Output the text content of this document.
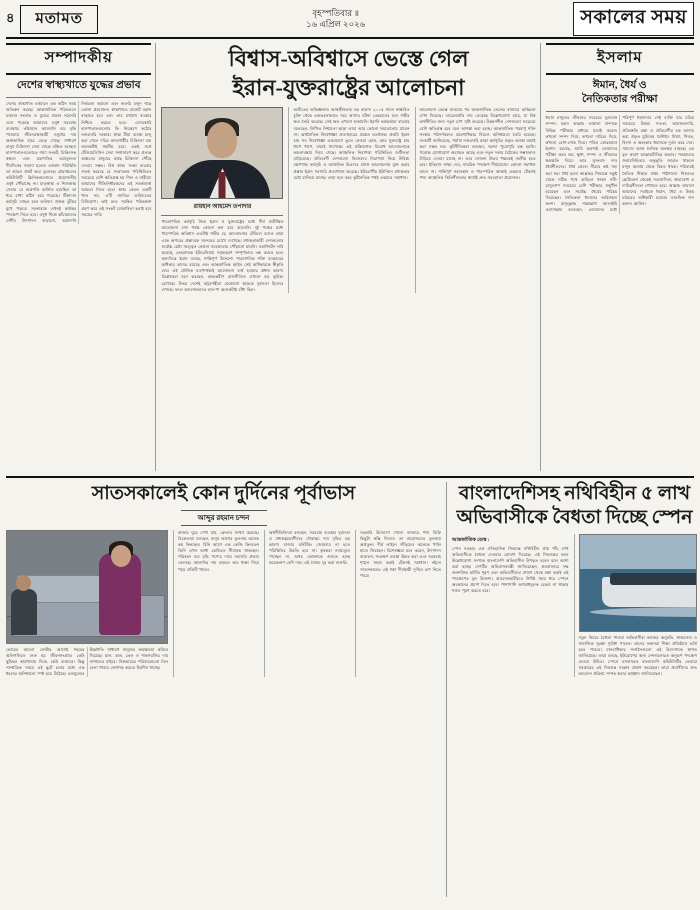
৪	মতামত	বৃহস্পতিবার ॥
১৬ এপ্রিল ২০২৬	সকালের সময়
সম্পাদকীয়
দেশের স্বাস্থ্যখাতে যুদ্ধের প্রভাব
দেশের স্বাস্থ্যখাত বর্তমানে এক কঠিন সময় অতিক্রম করছে। আন্তর্জাতিক পরিমণ্ডলে চলমান সংঘাত ও যুদ্ধের প্রভাব সরাসরি এসে পড়েছে আমাদের ওষুধ সরবরাহ ব্যবস্থায়। কাঁচামাল আমদানি ব্যয় বৃদ্ধি পাওয়ায় জীবনরক্ষাকারী ওষুধের দাম অস্বাভাবিক হারে বেড়ে গেছে। সাধারণ মানুষ চিকিৎসা সেবা থেকে বঞ্চিত হচ্ছেন। হাসপাতালগুলোতে শয্যা সংকট, চিকিৎসক স্বল্পতা এবং যন্ত্রপাতির অপ্রতুলতা দীর্ঘদিনের সমস্যা হলেও বর্তমান পরিস্থিতি তা আরও প্রকট করে তুলেছে। গ্রামাঞ্চলের কমিউনিটি ক্লিনিকগুলোতে প্রয়োজনীয় ওষুধ পৌঁছাচ্ছে না। মাতৃস্বাস্থ্য ও শিশুস্বাস্থ্য সেবায় যে অগ্রগতি অর্জিত হয়েছিল তা ধরে রাখা কঠিন হয়ে পড়েছে। টিকাদান কর্মসূচি ব্যাহত হলে ভবিষ্যৎ প্রজন্ম ঝুঁকির মুখে পড়বে। সরকারকে এখনই কার্যকর পদক্ষেপ নিতে হবে। ওষুধ শিল্পে কাঁচামালের দেশীয় উৎপাদন বাড়ানো, আমদানি নির্ভরতা কমানো এবং জরুরি মজুদ গড়ে তোলা প্রয়োজন। স্বাস্থ্যখাতে বাজেট বরাদ্দ বাড়াতে হবে এবং তার যথাযথ ব্যবহার নিশ্চিত করতে হবে। বেসরকারি হাসপাতালগুলোর ফি নিয়ন্ত্রণে কঠোর নজরদারি দরকার। স্বাস্থ্য বীমা ব্যবস্থা চালু করা গেলে দরিদ্র জনগোষ্ঠীর চিকিৎসা ব্যয় অনেকটাই সহনীয় হবে। একই সঙ্গে টেলিমেডিসিন সেবা সম্প্রসারণ করে প্রত্যন্ত অঞ্চলের মানুষের কাছে চিকিৎসা পৌঁছে দেওয়া সম্ভব। বিশ্ব স্বাস্থ্য সংস্থা বারবার সতর্ক করেছে যে সংঘাতময় পরিস্থিতিতে সবচেয়ে বেশি ক্ষতিগ্রস্ত হয় শিশু ও নারীরা। আমাদের নীতিনির্ধারকদের এই সতর্কবার্তা আমলে নিতে হবে। স্বাস্থ্য কেবল একটি খাত নয়, এটি জাতির ভবিষ্যতের বিনিয়োগ। তাই দ্রুত সমন্বিত পরিকল্পনা গ্রহণ করে এই সংকট মোকাবিলা করাই হবে সময়ের দাবি।
বিশ্বাস-অবিশ্বাসে ভেস্তে গেল
ইরান-যুক্তরাষ্ট্রের আলোচনা
রায়হান আহমেদ তপাদার
পারমাণবিক কর্মসূচি নিয়ে ইরান ও যুক্তরাষ্ট্রের মধ্যে দীর্ঘ প্রতীক্ষিত আলোচনা শেষ পর্যন্ত কোনো ফল বয়ে আনেনি। দুই পক্ষের মধ্যে পারস্পরিক অবিশ্বাস এতটাই গভীর যে, আলোচনার টেবিলে বসেও তারা একে অপরের প্রস্তাবকে সন্দেহের চোখে দেখেছে। মধ্যস্থতাকারী দেশগুলোর সর্বোচ্চ চেষ্টা সত্ত্বেও কোনো সমঝোতায় পৌঁছানো যায়নি। ওয়াশিংটন দাবি করেছে, তেহরানকে ইউরেনিয়াম সমৃদ্ধকরণ সম্পূর্ণভাবে বন্ধ করতে হবে। অন্যদিকে ইরান বলছে, শান্তিপূর্ণ উদ্দেশ্যে পারমাণবিক শক্তি ব্যবহারের অধিকার তাদের রয়েছে এবং আন্তর্জাতিক আইন সেই অধিকারকে স্বীকৃতি দেয়। এই মৌলিক মতপার্থক্যই আলোচনা ব্যর্থ হওয়ার প্রধান কারণ। বিশ্লেষকরা মনে করছেন, অভ্যন্তরীণ রাজনীতিও এখানে বড় ভূমিকা রেখেছে। উভয় দেশেই কট্টরপন্থীরা যেকোনো ছাড়কে দুর্বলতা হিসেবে দেখছে। ফলে আলোচকদের হাত-পা অনেকটাই বাঁধা ছিল।
অতীতের অভিজ্ঞতাও আস্থাহীনতার বড় কারণ। ২০১৫ সালে স্বাক্ষরিত চুক্তি থেকে একতরফাভাবে সরে আসার ঘটনা তেহরানের মনে গভীর ক্ষত তৈরি করেছে। সেই ক্ষত এখনো শুকায়নি। ইরানি কর্মকর্তারা বারবার বলেছেন, লিখিত নিশ্চয়তা ছাড়া তারা আর কোনো সমঝোতায় যাবেন না। অর্থনৈতিক নিষেধাজ্ঞা প্রত্যাহারের প্রশ্নেও মতানৈক্য প্রকট। ইরান চায় সব নিষেধাজ্ঞা একযোগে তুলে নেওয়া হোক, আর যুক্তরাষ্ট্র চায় ধাপে ধাপে, যাচাই সাপেক্ষে। এই প্রক্রিয়াগত বিরোধ আলোচনাকে অচলাবস্থায় নিয়ে গেছে। আঞ্চলিক নিরাপত্তা পরিস্থিতিও জটিলতা বাড়িয়েছে। প্রতিবেশী দেশগুলো নিজেদের নিরাপত্তা নিয়ে উদ্বিগ্ন। ক্ষেপণাস্ত্র কর্মসূচি ও আঞ্চলিক মিত্রদের প্রসঙ্গ আলোচনায় যুক্ত করার প্রস্তাব ইরান সরাসরি প্রত্যাখ্যান করেছে। ইউরোপীয় ইউনিয়ন মধ্যস্থতার চেষ্টা চালিয়ে যাচ্ছে। তারা মনে করে কূটনৈতিক পথই একমাত্র সমাধান।
আলোচনা ভেস্তে যাওয়ার পর আন্তর্জাতিক তেলের বাজারে অস্থিরতা দেখা দিয়েছে। ব্যারেলপ্রতি দাম বেড়েছে উল্লেখযোগ্য হারে, যা বিশ্ব অর্থনীতির জন্য নতুন চাপ সৃষ্টি করেছে। উন্নয়নশীল দেশগুলো সবচেয়ে বেশি ক্ষতিগ্রস্ত হবে বলে আশঙ্কা করা হচ্ছে। আন্তর্জাতিক পরমাণু শক্তি সংস্থার পরিদর্শকদের প্রবেশাধিকার নিয়েও অনিশ্চয়তা তৈরি হয়েছে। সংস্থাটি জানিয়েছে, পর্যাপ্ত নজরদারি ছাড়া কর্মসূচির প্রকৃত অবস্থা যাচাই করা সম্ভব নয়। কূটনীতিকরা বলছেন, দরজা পুরোপুরি বন্ধ হয়নি। পরোক্ষ যোগাযোগ অব্যাহত আছে এবং নতুন দফার বৈঠকের সম্ভাবনাও উড়িয়ে দেওয়া যাচ্ছে না। তবে সেজন্য উভয় পক্ষকেই নমনীয় হতে হবে। ইতিহাস সাক্ষ্য দেয়, সামরিক পদক্ষেপ দীর্ঘমেয়াদে কোনো সমাধান আনে না। শান্তিপূর্ণ সহাবস্থান ও পারস্পরিক আস্থাই একমাত্র টেকসই পথ। আঞ্চলিক স্থিতিশীলতার স্বার্থেই দ্রুত সমঝোতা প্রয়োজন।
ইসলাম
ঈমান, ধৈর্য ও
নৈতিকতার পরীক্ষা
ঈমান মানুষের জীবনের সবচেয়ে মূল্যবান সম্পদ। মহান আল্লাহ তায়ালা বান্দাকে বিভিন্ন পরীক্ষার মাধ্যমে যাচাই করেন। কখনো সম্পদ দিয়ে, কখনো দারিদ্র্য দিয়ে, কখনো রোগ-শোক দিয়ে। পবিত্র কোরআনে ইরশাদ হয়েছে, আমি অবশ্যই তোমাদের পরীক্ষা করব ভয়, ক্ষুধা, সম্পদ ও জীবনের ক্ষয়ক্ষতি দিয়ে। আর সুসংবাদ দাও ধৈর্যশীলদের। ধৈর্য কেবল নীরবে কষ্ট সহ্য করা নয়। ধৈর্য হলো আল্লাহর সিদ্ধান্তে সন্তুষ্ট থেকে সঠিক পথে অবিচল থাকা। নবী-রাসুলগণ সবচেয়ে বেশি পরীক্ষার সম্মুখীন হয়েছেন এবং সর্বোচ্চ ধৈর্যের পরিচয় দিয়েছেন। নৈতিকতা ঈমানের অবিচ্ছেদ্য অংশ। রাসুলুল্লাহ সাল্লাল্লাহু আলাইহি ওয়াসাল্লাম বলেছেন, তোমাদের মধ্যে পরিপূর্ণ ঈমানদার সেই ব্যক্তি যার চরিত্র সবচেয়ে উত্তম। সততা, আমানতদারি, প্রতিশ্রুতি রক্ষা ও প্রতিবেশীর হক আদায় করা প্রকৃত মুমিনের বৈশিষ্ট্য। মিথ্যা, গিবত, হিংসা ও অহংকার ঈমানকে দুর্বল করে দেয়। সমাজে আজ নৈতিক অবক্ষয় বাড়ছে। এর মূল কারণ আল্লাহভীতির অভাব। পরকালের জবাবদিহিতার অনুভূতি জাগ্রত থাকলে মানুষ অন্যায় থেকে বিরত থাকে। পরিবারই নৈতিক শিক্ষার প্রথম পাঠশালা। শিশুদের ছোটবেলা থেকেই সত্যবাদিতা, শ্রদ্ধাবোধ ও দায়িত্বশীলতা শেখাতে হবে। আল্লাহ তায়ালা আমাদের সবাইকে ঈমান, ধৈর্য ও উত্তম চরিত্রের অধিকারী হওয়ার তাওফিক দান করুন। আমিন।
সাতসকালেই কোন দুর্দিনের পূর্বাভাস
আব্দুর রহমান চন্দন
ভোরের আলো ফোটার আগেই শহরের অলিগলিতে শুরু হয় জীবনসংগ্রাম। কেউ ছুটছেন কারখানার দিকে, কেউ বাজারে। কিন্তু সাম্প্রতিক সময়ে এই ছুটে চলার মধ্যে এক ধরনের অনিশ্চয়তা স্পষ্ট হয়ে উঠেছে। দ্রব্যমূল্যের ঊর্ধ্বগতি সাধারণ মানুষের ক্রয়ক্ষমতা কমিয়ে দিয়েছে। চাল, ডাল, তেল ও শাকসবজির দাম নাগালের বাইরে। নিম্নআয়ের পরিবারগুলো তিন বেলা খাবার জোগাড় করতে হিমশিম খাচ্ছে।
বাজার ঘুরে দেখা যায়, ক্রেতার সংখ্যা কমেছে। বিক্রেতারা বলছেন, মানুষ আগের তুলনায় অনেক কম কিনছেন। যিনি আগে এক কেজি কিনতেন তিনি এখন আধা কেজিতে সীমাবদ্ধ থাকছেন। পরিবহন ব্যয় বৃদ্ধি পণ্যের দামে সরাসরি প্রভাব ফেলছে। জ্বালানির দাম বাড়লে তার ধাক্কা গিয়ে পড়ে প্রতিটি খাতে।
অর্থনীতিবিদরা বলছেন, সরবরাহ ব্যবস্থার দুর্বলতা ও মধ্যস্বত্বভোগীদের দৌরাত্ম্য দাম বৃদ্ধির বড় কারণ। বাজার মনিটরিং জোরদার না হলে পরিস্থিতির উন্নতি হবে না। কৃষকরা ন্যায্যমূল্য পাচ্ছেন না, অথচ ভোক্তাকে গুনতে হচ্ছে কয়েকগুণ বেশি দাম। এই বৈষম্য দূর করা জরুরি।
সরকারি উদ্যোগে খোলা বাজারে পণ্য বিক্রি কিছুটা স্বস্তি দিলেও তা প্রয়োজনের তুলনায় অপ্রতুল। দীর্ঘ লাইনে দাঁড়িয়েও অনেকে খালি হাতে ফিরছেন। বিশেষজ্ঞরা মনে করেন, উৎপাদন বাড়ানো, সংরক্ষণ ব্যবস্থা উন্নত করা এবং সরবরাহ শৃঙ্খল সহজ করাই টেকসই সমাধান। নইলে সাতসকালের এই শঙ্কা দীর্ঘস্থায়ী দুর্দিনে রূপ নিতে পারে।
বাংলাদেশিসহ নথিবিহীন ৫ লাখ অভিবাসীকে বৈধতা দিচ্ছে স্পেন
আন্তর্জাতিক ডেস্ক :
স্পেন সরকার এক ঐতিহাসিক সিদ্ধান্তে নথিবিহীন প্রায় পাঁচ লাখ অভিবাসীকে বৈধতা দেওয়ার ঘোষণা দিয়েছে। এই সিদ্ধান্তের ফলে উল্লেখযোগ্য সংখ্যক বাংলাদেশি অভিবাসীও উপকৃত হবেন বলে আশা করা হচ্ছে। দেশটির অভিবাসনমন্ত্রী জানিয়েছেন, শ্রমবাজারে দক্ষ জনশক্তির ঘাটতি পূরণ এবং অভিবাসীদের শোষণ থেকে রক্ষা করাই এই পদক্ষেপের মূল উদ্দেশ্য। আবেদনকারীদের নির্দিষ্ট সময় ধরে স্পেনে অবস্থানের প্রমাণ দিতে হবে। পাশাপাশি অপরাধমূলক রেকর্ড না থাকার শর্তও পূরণ করতে হবে।
নতুন নিয়মে বৈধতা পাওয়া অভিবাসীরা কাজের অনুমতি, স্বাস্থ্যসেবা ও সামাজিক সুরক্ষা সুবিধা পাবেন। তাদের সন্তানরা শিক্ষা প্রতিষ্ঠানে ভর্তি হতে পারবে। মানবাধিকার সংগঠনগুলো এই উদ্যোগকে স্বাগত জানিয়েছে। তারা বলছে, ইউরোপের অন্য দেশগুলোরও অনুরূপ পদক্ষেপ নেওয়া উচিত। স্পেনে বসবাসরত বাংলাদেশি কমিউনিটির নেতারা সরকারের এই সিদ্ধান্তে সন্তোষ প্রকাশ করেছেন। তারা প্রবাসীদের দ্রুত আবেদন প্রক্রিয়া সম্পন্ন করার আহ্বান জানিয়েছেন।
